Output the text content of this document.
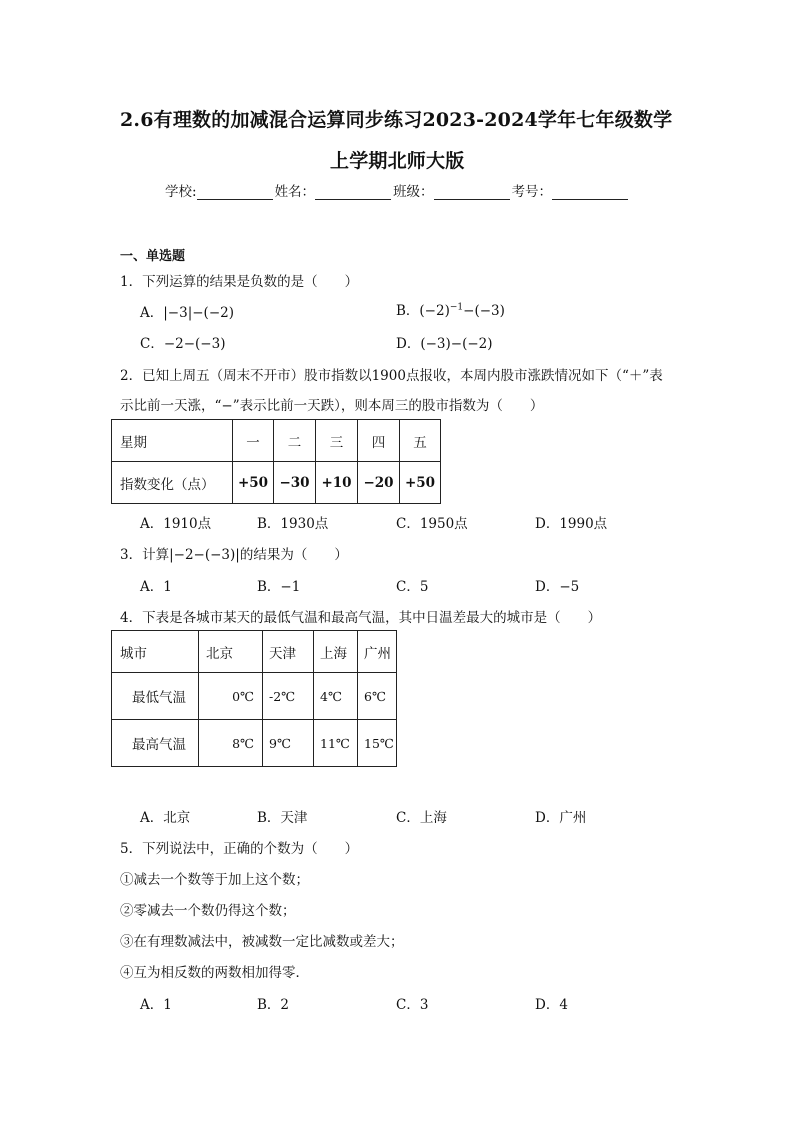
2.6有理数的加减混合运算同步练习2023-2024学年七年级数学
上学期北师大版
学校:	姓名：	班级：	考号：
一、单选题
1．下列运算的结果是负数的是（　　）
A．|−3|−(−2)	B．$(-2)^{-1}-(-3)$
C．−2−(−3)	D．(−3)−(−2)
2．已知上周五（周末不开市）股市指数以1900点报收，本周内股市涨跌情况如下（“＋”表
示比前一天涨，“−”表示比前一天跌），则本周三的股市指数为（　　）
星期	一	二	三	四	五
指数变化（点）	+50	−30	+10	−20	+50
A．1910点	B．1930点	C．1950点	D．1990点
3．计算|−2−(−3)|的结果为（　　）
A．1	B．−1	C．5	D．−5
4．下表是各城市某天的最低气温和最高气温，其中日温差最大的城市是（　　）
城市	北京	天津	上海	广州
最低气温	0℃	-2℃	4℃	6℃
最高气温	8℃	9℃	11℃	15℃
A．北京	B．天津	C．上海	D．广州
5．下列说法中，正确的个数为（　　）
①减去一个数等于加上这个数；
②零减去一个数仍得这个数；
③在有理数减法中，被减数一定比减数或差大；
④互为相反数的两数相加得零．
A．1	B．2	C．3	D．4
